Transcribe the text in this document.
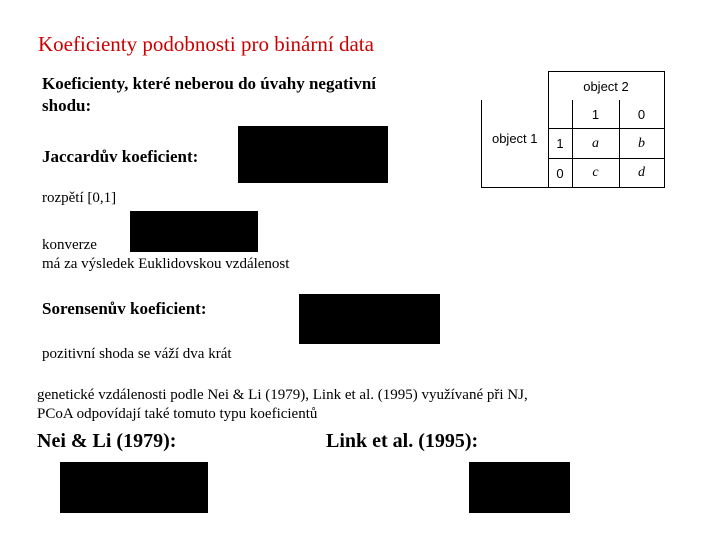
Koeficienty podobnosti pro binární data
Koeficienty, které neberou do úvahy negativní
shodu:
Jaccardův koeficient:
rozpětí [0,1]
konverze
má za výsledek Euklidovskou vzdálenost
Sorensenův koeficient:
pozitivní shoda se váží dva krát
genetické vzdálenosti podle Nei & Li (1979), Link et al. (1995) využívané při NJ,
PCoA odpovídají také tomuto typu koeficientů
Nei & Li (1979):	Link et al. (1995):
	object 2		
		1	0
object 1	1	a	b
	0	c	d
